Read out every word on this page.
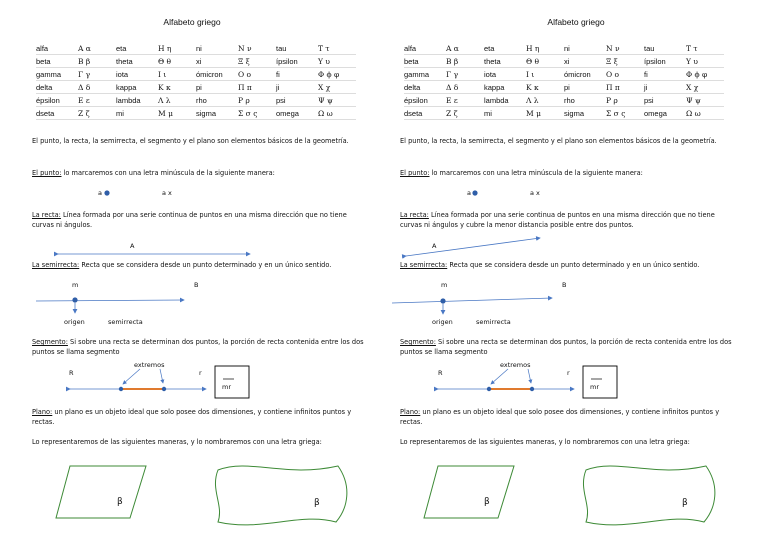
Alfabeto griego
alfa	Α α	eta	Η η	ni	Ν ν	tau	Τ τ
beta	Β β	theta	Θ θ	xi	Ξ ξ	ípsilon	Υ υ
gamma	Γ γ	iota	Ι ι	ómicron	Ο ο	fi	Φ ϕ φ
delta	Δ δ	kappa	Κ κ	pi	Π π	ji	Χ χ
épsilon	Ε ε	lambda	Λ λ	rho	Ρ ρ	psi	Ψ ψ
dseta	Ζ ζ	mi	Μ μ	sigma	Σ σ ς	omega	Ω ω
El punto, la recta, la semirrecta, el segmento y el plano son elementos básicos de la geometría.
El punto: lo marcaremos con una letra minúscula de la siguiente manera:
a	a x
La recta: Línea formada por una serie continua de puntos en una misma dirección que no tiene curvas ni ángulos.
A
La semirrecta: Recta que se considera desde un punto determinado y en un único sentido.
m	B
origen	semirrecta
Segmento: Si sobre una recta se determinan dos puntos, la porción de recta contenida entre los dos puntos se llama segmento
extremos
R	r
mr
Plano: un plano es un objeto ideal que solo posee dos dimensiones, y contiene infinitos puntos y rectas.
Lo representaremos de las siguientes maneras, y lo nombraremos con una letra griega:
β	β
Alfabeto griego
alfa	Α α	eta	Η η	ni	Ν ν	tau	Τ τ
beta	Β β	theta	Θ θ	xi	Ξ ξ	ípsilon	Υ υ
gamma	Γ γ	iota	Ι ι	ómicron	Ο ο	fi	Φ ϕ φ
delta	Δ δ	kappa	Κ κ	pi	Π π	ji	Χ χ
épsilon	Ε ε	lambda	Λ λ	rho	Ρ ρ	psi	Ψ ψ
dseta	Ζ ζ	mi	Μ μ	sigma	Σ σ ς	omega	Ω ω
El punto, la recta, la semirrecta, el segmento y el plano son elementos básicos de la geometría.
El punto: lo marcaremos con una letra minúscula de la siguiente manera:
a	a x
La recta: Línea formada por una serie continua de puntos en una misma dirección que no tiene curvas ni ángulos y cubre la menor distancia posible entre dos puntos.
A
La semirrecta: Recta que se considera desde un punto determinado y en un único sentido.
m	B
origen	semirrecta
Segmento: Si sobre una recta se determinan dos puntos, la porción de recta contenida entre los dos puntos se llama segmento
extremos
R	r
mr
Plano: un plano es un objeto ideal que solo posee dos dimensiones, y contiene infinitos puntos y rectas.
Lo representaremos de las siguientes maneras, y lo nombraremos con una letra griega:
β	β
